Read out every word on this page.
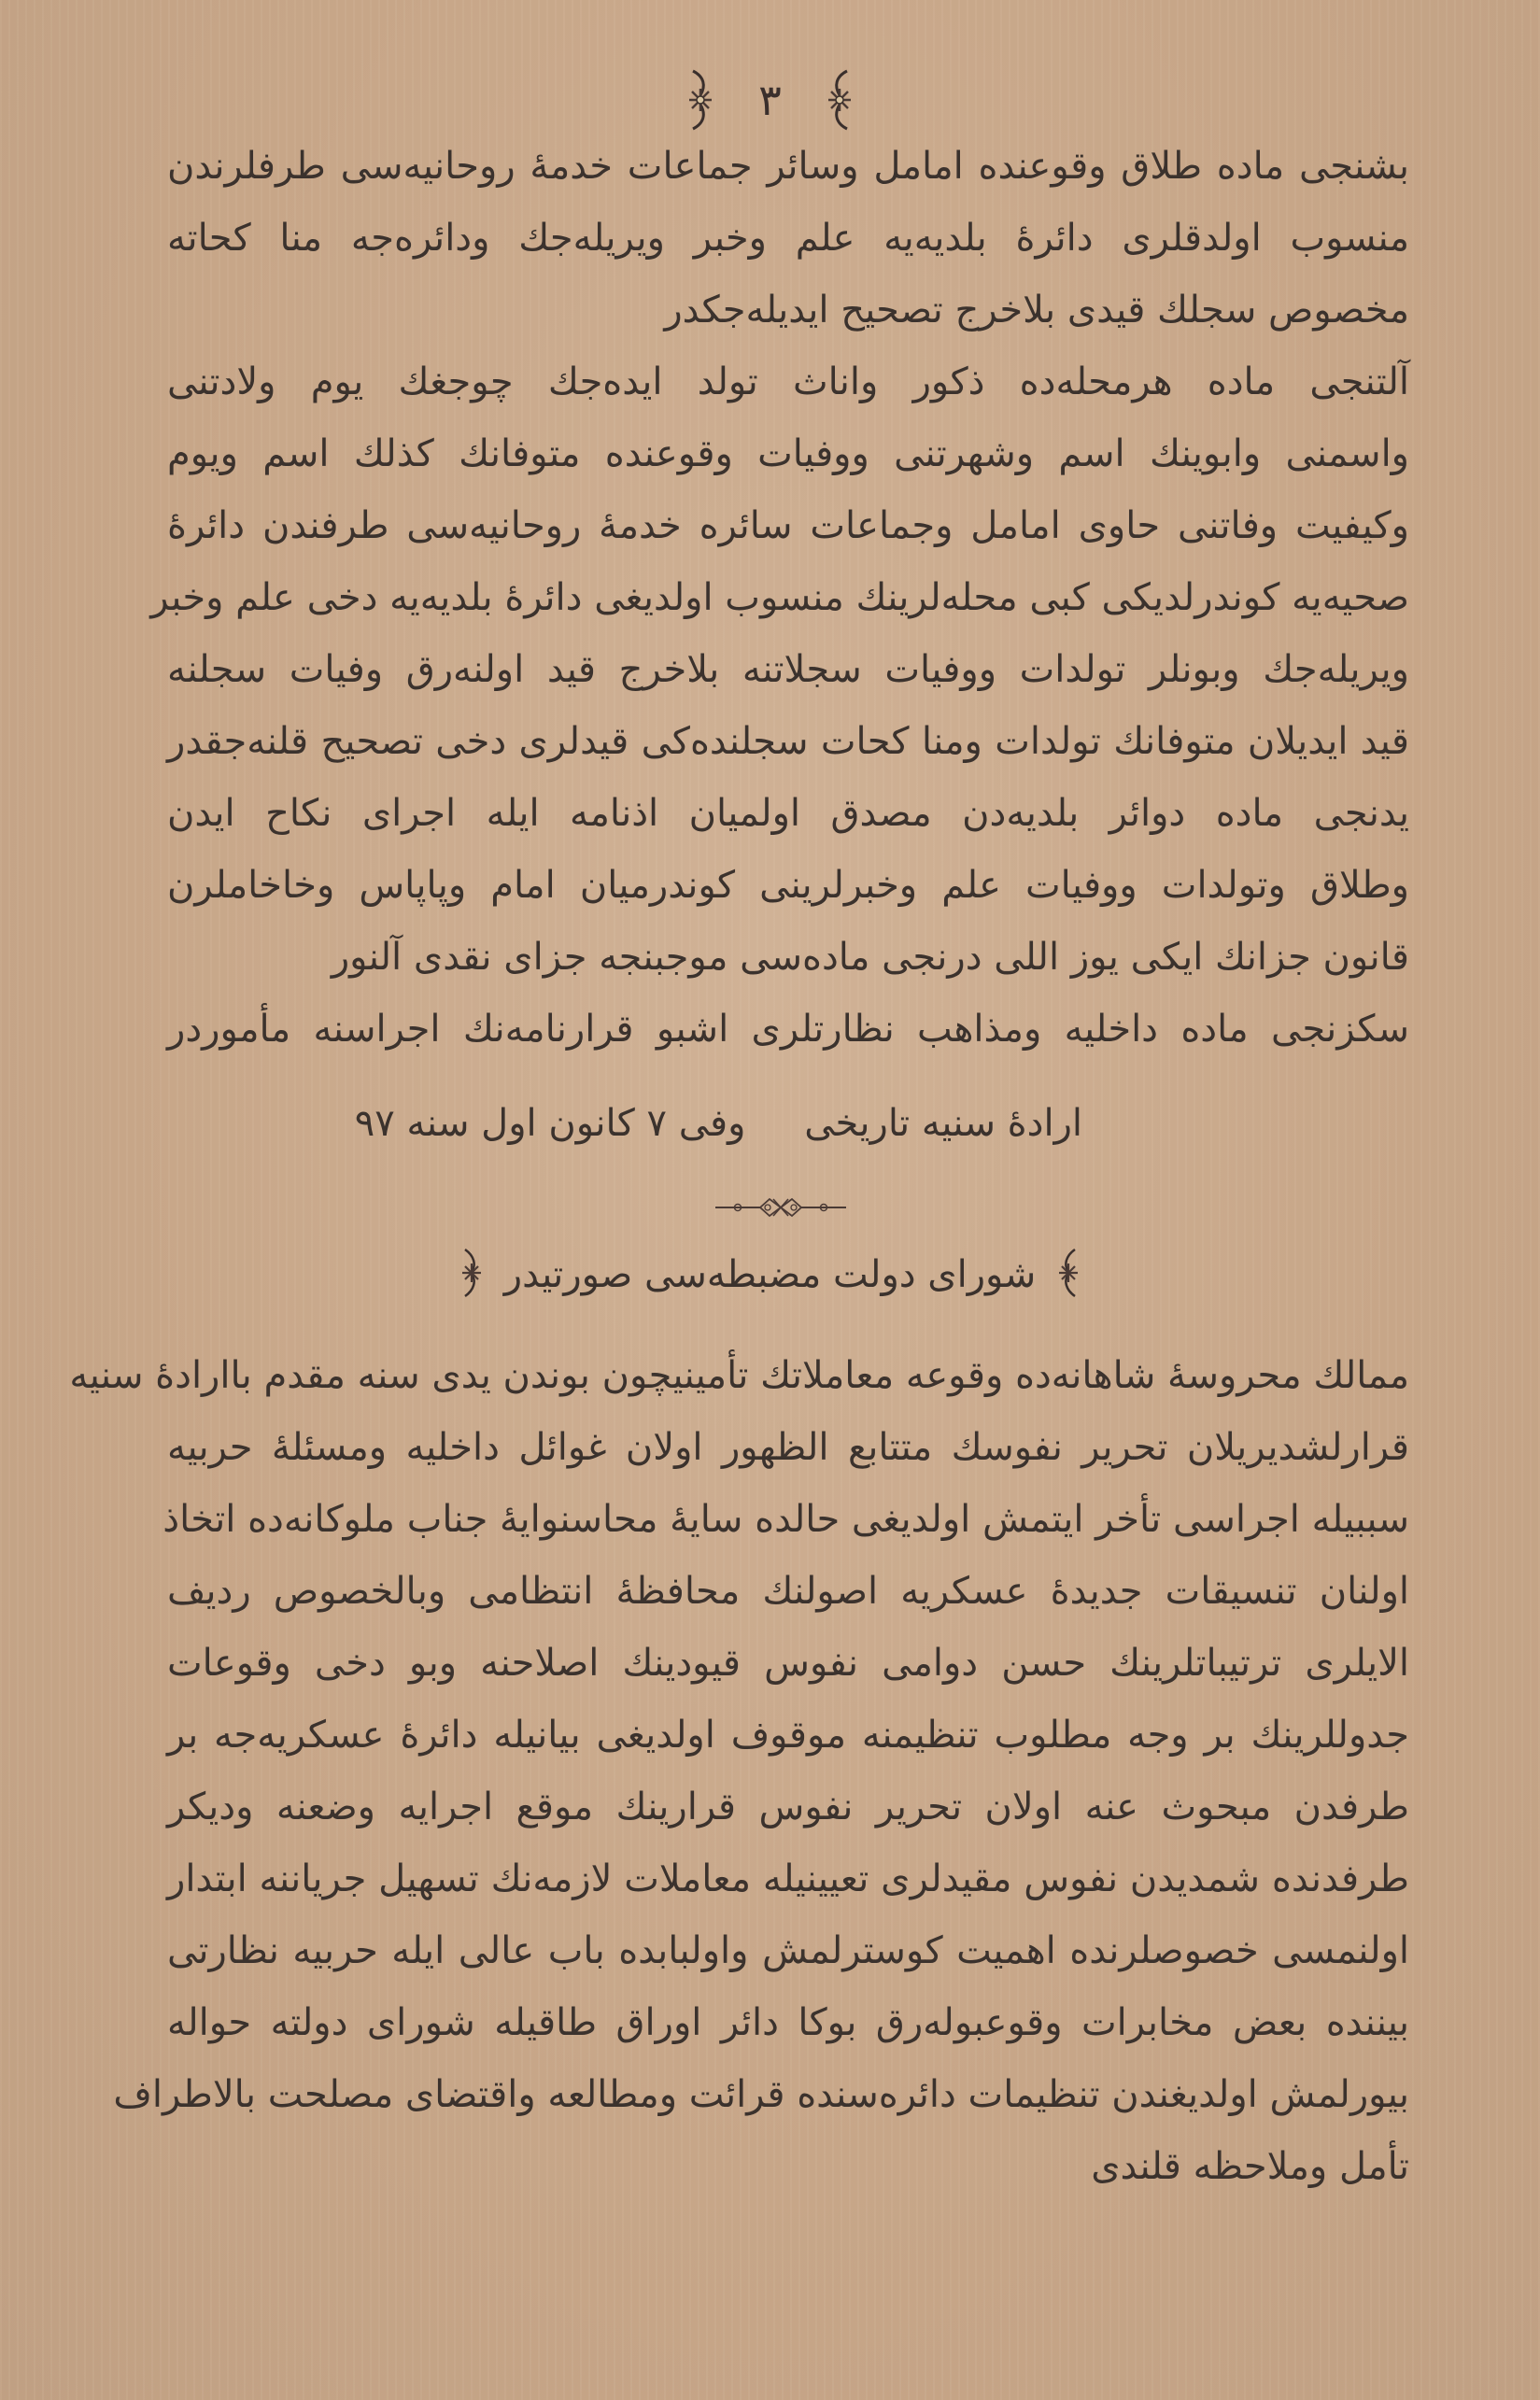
٣
بشنجی ماده طلاق وقوعنده امامل وسائر جماعات خدمهٔ روحانیه‌سی طرفلرندن
منسوب اولدقلری دائرهٔ بلدیه‌یه علم وخبر ویریله‌جك ودائره‌جه منا كحاته
مخصوص سجلك قیدی بلاخرج تصحیح ایدیله‌جكدر
آلتنجی ماده هرمحله‌ده ذكور واناث تولد ایده‌جك چوجغك یوم ولادتنی
واسمنی وابوینك اسم وشهرتنی ووفیات وقوعنده متوفانك كذلك اسم ویوم
وكیفیت وفاتنی حاوی امامل وجماعات سائره خدمهٔ روحانیه‌سی طرفندن دائرهٔ
صحیه‌یه كوندرلدیكی كبی محله‌لرینك منسوب اولدیغی دائرهٔ بلدیه‌یه دخی علم وخبر
ویریله‌جك وبونلر تولدات ووفیات سجلاتنه بلاخرج قید اولنه‌رق وفیات سجلنه
قید ایدیلان متوفانك تولدات ومنا كحات سجلنده‌كی قیدلری دخی تصحیح قلنه‌جقدر
یدنجی ماده دوائر بلدیه‌دن مصدق اولمیان اذنامه ایله اجرای نكاح ایدن
وطلاق وتولدات ووفیات علم وخبرلرینی كوندرمیان امام وپاپاس وخاخاملرن
قانون جزانك ایكی یوز اللی درنجی ماده‌سی موجبنجه جزای نقدی آلنور
سكزنجی ماده داخلیه ومذاهب نظارتلری اشبو قرارنامه‌نك اجراسنه مأموردر
ارادهٔ سنیه تاریخی وفی ٧ كانون اول سنه ٩٧
شورای دولت مضبطه‌سی صورتیدر
ممالك محروسهٔ شاهانه‌ده وقوعه معاملاتك تأمینیچون بوندن یدی سنه مقدم باارادهٔ سنیه
قرارلشدیریلان تحریر نفوسك متتابع الظهور اولان غوائل داخلیه ومسئلهٔ حربیه
سببیله اجراسی تأخر ایتمش اولدیغی حالده سایهٔ محاسنوایهٔ جناب ملوكانه‌ده اتخاذ
اولنان تنسیقات جدیدهٔ عسكریه اصولنك محافظهٔ انتظامی وبالخصوص ردیف
الایلری ترتیباتلرینك حسن دوامی نفوس قیودینك اصلاحنه وبو دخی وقوعات
جدوللرینك بر وجه مطلوب تنظیمنه موقوف اولدیغی بیانیله دائرهٔ عسكریه‌جه بر
طرفدن مبحوث عنه اولان تحریر نفوس قرارینك موقع اجرایه وضعنه ودیكر
طرفدنده شمدیدن نفوس مقیدلری تعیینیله معاملات لازمه‌نك تسهیل جریاننه ابتدار
اولنمسی خصوصلرنده اهمیت كوسترلمش واولبابده باب عالی ایله حربیه نظارتی
بیننده بعض مخابرات وقوعبوله‌رق بوكا دائر اوراق طاقیله شورای دولته حواله
بیورلمش اولدیغندن تنظیمات دائره‌سنده قرائت ومطالعه واقتضای مصلحت بالاطراف
تأمل وملاحظه قلندی
